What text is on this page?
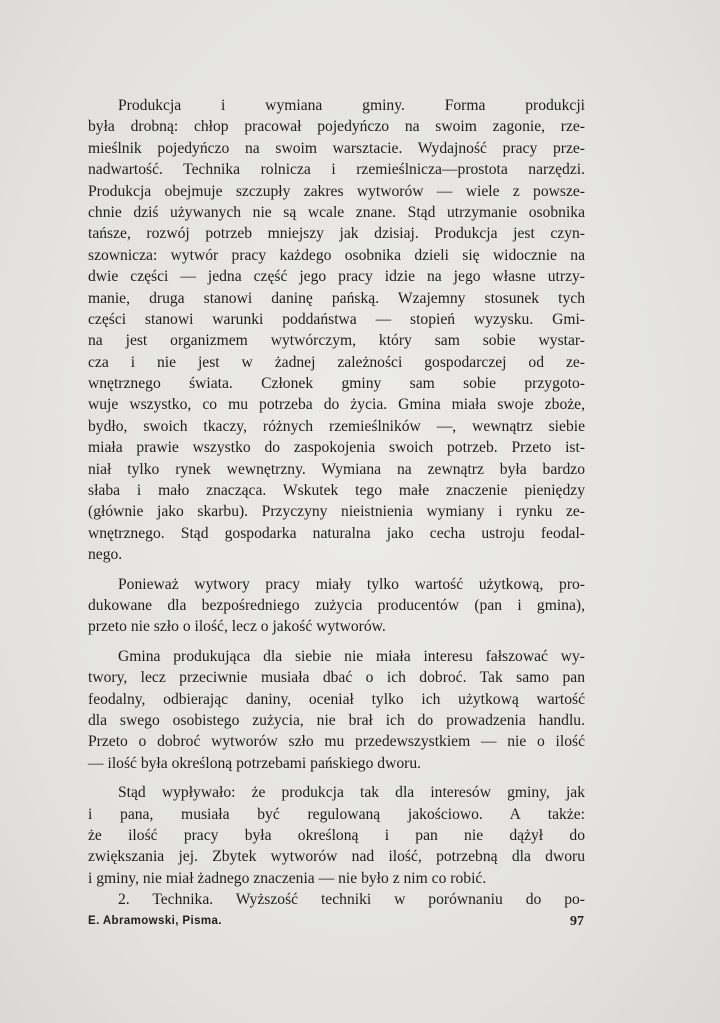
Produkcja i wymiana gminy. Forma produkcji
była drobną: chłop pracował pojedyńczo na swoim zagonie, rze-
mieślnik pojedyńczo na swoim warsztacie. Wydajność pracy prze-
nadwartość. Technika rolnicza i rzemieślnicza—prostota narzędzi.
Produkcja obejmuje szczupły zakres wytworów — wiele z powsze-
chnie dziś używanych nie są wcale znane. Stąd utrzymanie osobnika
tańsze, rozwój potrzeb mniejszy jak dzisiaj. Produkcja jest czyn-
szownicza: wytwór pracy każdego osobnika dzieli się widocznie na
dwie części — jedna część jego pracy idzie na jego własne utrzy-
manie, druga stanowi daninę pańską. Wzajemny stosunek tych
części stanowi warunki poddaństwa — stopień wyzysku. Gmi-
na jest organizmem wytwórczym, który sam sobie wystar-
cza i nie jest w żadnej zależności gospodarczej od ze-
wnętrznego świata. Członek gminy sam sobie przygoto-
wuje wszystko, co mu potrzeba do życia. Gmina miała swoje zboże,
bydło, swoich tkaczy, różnych rzemieślników —, wewnątrz siebie
miała prawie wszystko do zaspokojenia swoich potrzeb. Przeto ist-
niał tylko rynek wewnętrzny. Wymiana na zewnątrz była bardzo
słaba i mało znacząca. Wskutek tego małe znaczenie pieniędzy
(głównie jako skarbu). Przyczyny nieistnienia wymiany i rynku ze-
wnętrznego. Stąd gospodarka naturalna jako cecha ustroju feodal-
nego.
Ponieważ wytwory pracy miały tylko wartość użytkową, pro-
dukowane dla bezpośredniego zużycia producentów (pan i gmina),
przeto nie szło o ilość, lecz o jakość wytworów.
Gmina produkująca dla siebie nie miała interesu fałszować wy-
twory, lecz przeciwnie musiała dbać o ich dobroć. Tak samo pan
feodalny, odbierając daniny, oceniał tylko ich użytkową wartość
dla swego osobistego zużycia, nie brał ich do prowadzenia handlu.
Przeto o dobroć wytworów szło mu przedewszystkiem — nie o ilość
— ilość była określoną potrzebami pańskiego dworu.
Stąd wypływało: że produkcja tak dla interesów gminy, jak
i pana, musiała być regulowaną jakościowo. A także:
że ilość pracy była określoną i pan nie dążył do
zwiększania jej. Zbytek wytworów nad ilość, potrzebną dla dworu
i gminy, nie miał żadnego znaczenia — nie było z nim co robić.
2. Technika. Wyższość techniki w porównaniu do po-
E. Abramowski, Pisma.	97
